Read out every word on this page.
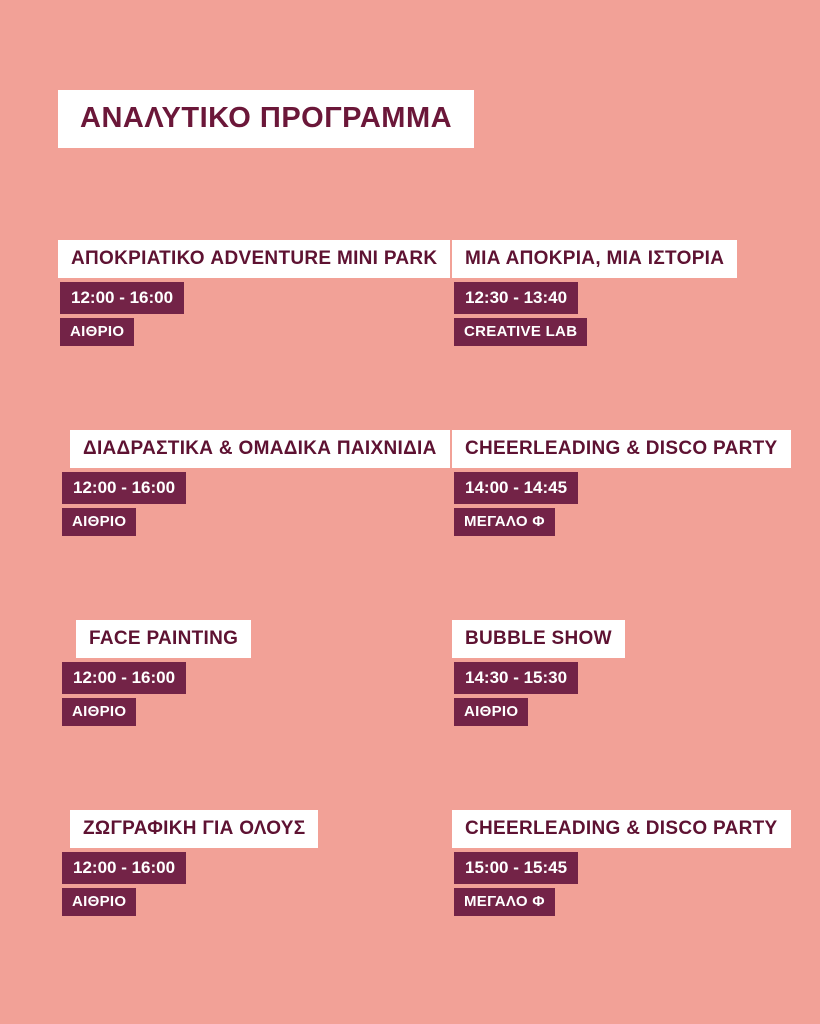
ΑΝΑΛΥΤΙΚΟ ΠΡΟΓΡΑΜΜΑ
ΑΠΟΚΡΙΑΤΙΚΟ ADVENTURE MINI PARK
12:00 - 16:00
ΑΙΘΡΙΟ
ΜΙΑ ΑΠΟΚΡΙΑ, ΜΙΑ ΙΣΤΟΡΙΑ
12:30 - 13:40
CREATIVE LAB
ΔΙΑΔΡΑΣΤΙΚΑ & ΟΜΑΔΙΚΑ ΠΑΙΧΝΙΔΙΑ
12:00 - 16:00
ΑΙΘΡΙΟ
CHEERLEADING & DISCO PARTY
14:00 - 14:45
ΜΕΓΑΛΟ Φ
FACE PAINTING
12:00 - 16:00
ΑΙΘΡΙΟ
BUBBLE SHOW
14:30 - 15:30
ΑΙΘΡΙΟ
ΖΩΓΡΑΦΙΚΗ ΓΙΑ ΟΛΟΥΣ
12:00 - 16:00
ΑΙΘΡΙΟ
CHEERLEADING & DISCO PARTY
15:00 - 15:45
ΜΕΓΑΛΟ Φ
